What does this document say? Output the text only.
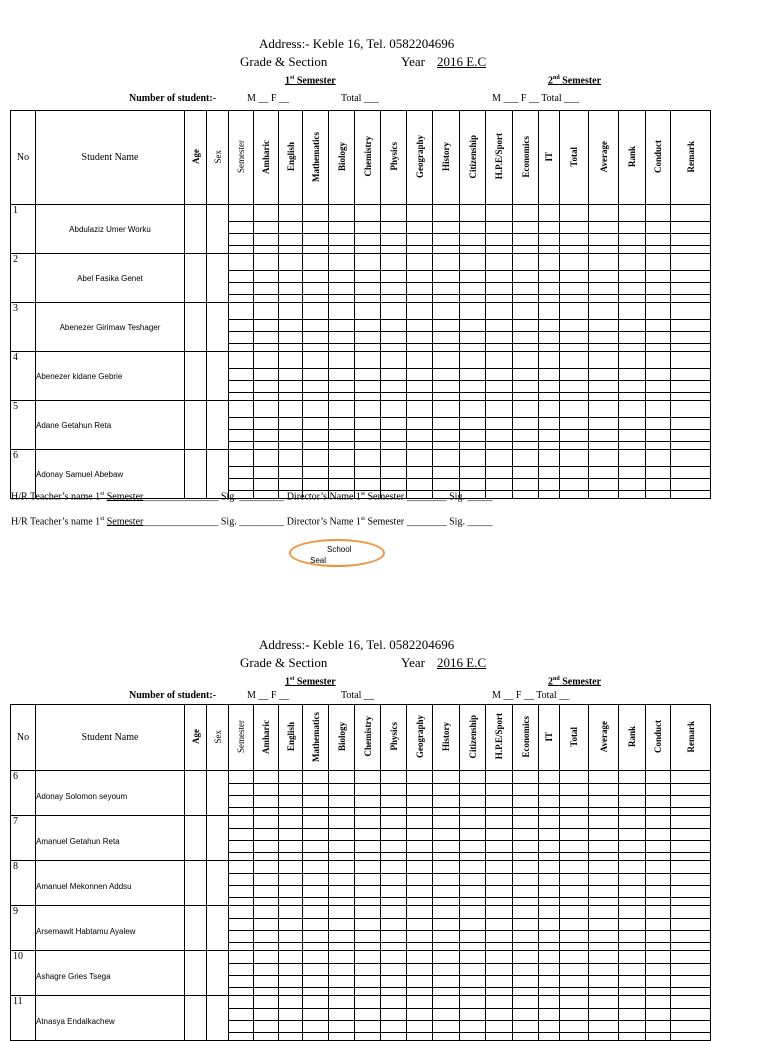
Address:- Keble 16, Tel. 0582204696
Grade & Section	Year 2016 E.C
1st Semester	2nd Semester
Number of student:-	M __ F __	Total ___	M ___ F __ Total ___
No	Student Name	Age	Sex	Semester	Amharic	English	Mathematics	Biology	Chemistry	Physics	Geography	History	Citizenship	H.P.E/Sport	Economics	IT	Total	Average	Rank	Conduct	Remark

1	Abdulaziz Umer Worku																				

2	Abel Fasika Genet																				

3	Abenezer Girimaw Teshager																				

4	Abenezer kidane Gebrie																				

5	Adane Getahun Reta																				

6	Adonay Samuel Abebaw																				

H/R Teacher’s name 1st Semester_______________ Sig. _________ Director’s Name 1st Semester ________ Sig. _____
H/R Teacher’s name 1st Semester_______________ Sig. _________ Director’s Name 1st Semester ________ Sig. _____
School
Seal
Address:- Keble 16, Tel. 0582204696
Grade & Section	Year 2016 E.C
1st Semester	2nd Semester
Number of student:-	M __ F __	Total __	M __ F __ Total __
No	Student Name	Age	Sex	Semester	Amharic	English	Mathematics	Biology	Chemistry	Physics	Geography	History	Citizenship	H.P.E/Sport	Economics	IT	Total	Average	Rank	Conduct	Remark

6	Adonay Solomon seyoum																				

7	Amanuel Getahun Reta																				

8	Amanuel Mekonnen Addsu																				

9	Arsemawit Habtamu Ayalew																				

10	Ashagre Gries Tsega																				

11	Atnasya Endalkachew																				
